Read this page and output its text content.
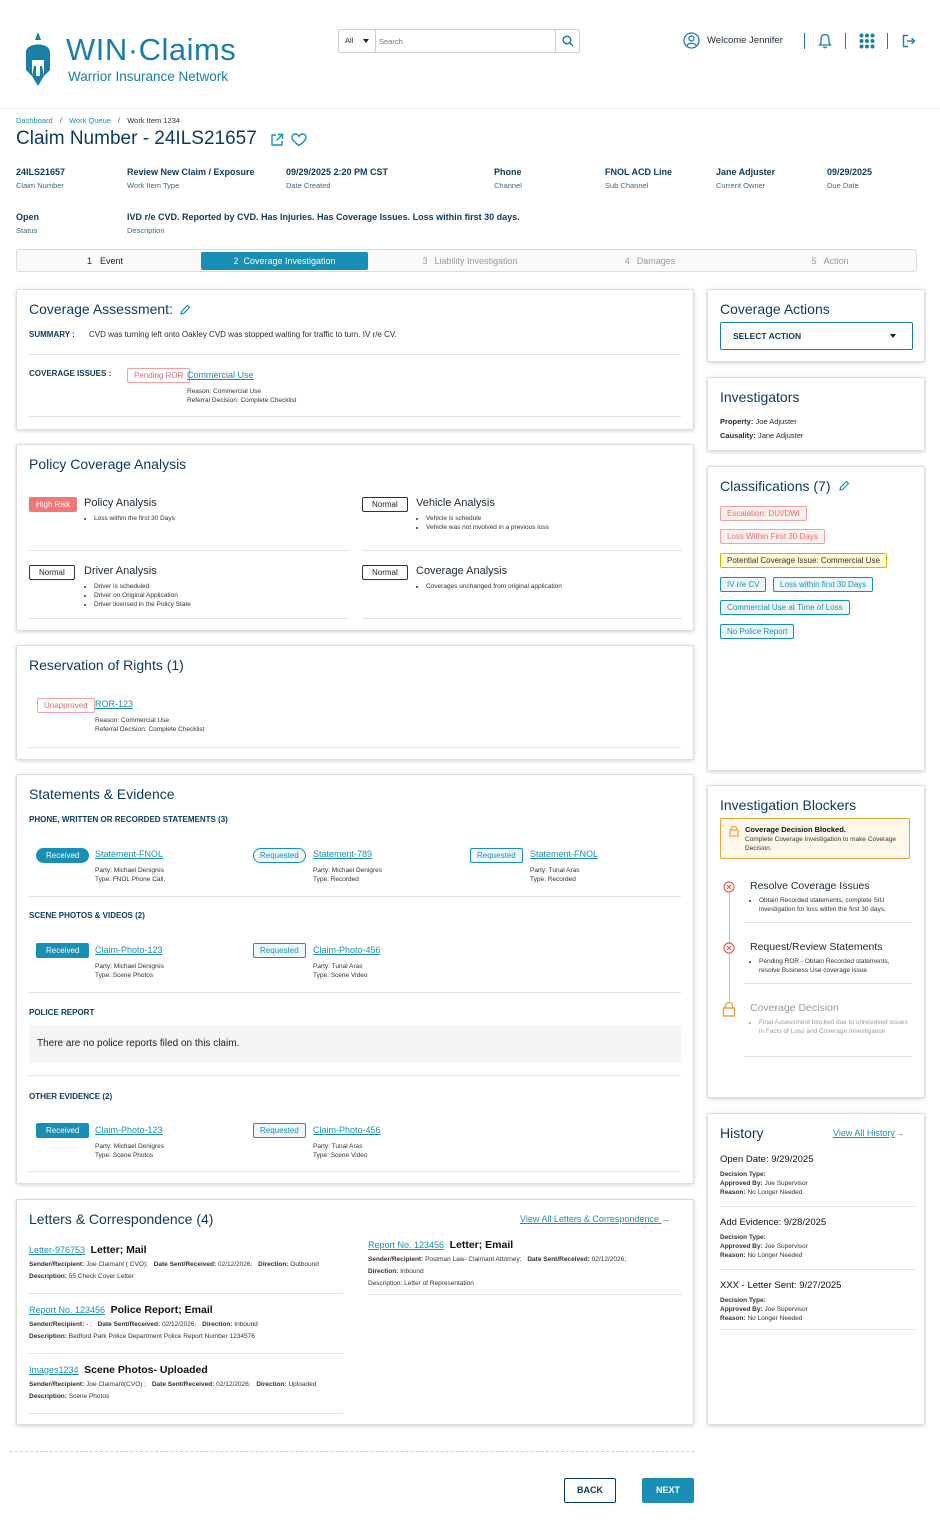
WIN·Claims
Warrior Insurance Network
All
Search	Welcome Jennifer
Dashboard / Work Queue / Work Item 1234
Claim Number - 24ILS21657
24ILS21657
Claim Number
Review New Claim / Exposure
Work Item Type
09/29/2025 2:20 PM CST
Date Created
Phone
Channel
FNOL ACD Line
Sub Channel
Jane Adjuster
Current Owner
09/29/2025
Due Date
Open
Status
IVD r/e CVD. Reported by CVD. Has Injuries. Has Coverage Issues. Loss within first 30 days.
Description
1 Event	2 Coverage Investigation	3 Liability Investigation	4 Damages	5 Action
Coverage Assessment:
SUMMARY : CVD was turning left onto Oakley CVD was stopped waiting for traffic to turn. IV r/e CV.
COVERAGE ISSUES :	Pending ROR Commercial Use
Reason: Commercial Use
Referral Decision: Complete Checklist
Policy Coverage Analysis
High Risk	Policy Analysis
• Loss within the first 30 Days
Normal	Vehicle Analysis
• Vehicle is schedule
• Vehicle was not involved in a previous loss
Normal	Driver Analysis
• Driver is scheduled
• Driver on Original Application
• Driver licensed in the Policy State
Normal	Coverage Analysis
• Coverages unchanged from original application
Reservation of Rights (1)
Unapproved ROR-123
Reason: Commercial Use
Referral Decision: Complete Checklist
Statements & Evidence
PHONE, WRITTEN OR RECORDED STATEMENTS (3)
Received	Statement-FNOL
Party: Michael Denigres
Type: FNOL Phone Call,
Requested	Statement-789
Party: Michael Denigres
Type: Recorded
Requested	Statement-FNOL
Party: Tunal Aras
Type: Recorded
SCENE PHOTOS & VIDEOS (2)
Received	Claim-Photo-123
Party: Michael Denigres
Type: Scene Photos
Requested	Claim-Photo-456
Party: Tunal Aras
Type: Scene Video
POLICE REPORT
There are no police reports filed on this claim.
OTHER EVIDENCE (2)
Received	Claim-Photo-123
Party: Michael Denigres
Type: Scene Photos
Requested	Claim-Photo-456
Party: Tunal Aras
Type: Scene Video
Letters & Correspondence (4)	View All Letters & Correspondence →
Letter-976753 Letter; Mail
Sender/Recipient: Joe Claimant ( CVO); Date Sent/Received: 02/12/2026; Direction: Outbound
Description: 55 Check Cover Letter
Report No. 123456 Letter; Email
Sender/Recipient: Postman Law- Claimant Attorney; Date Sent/Received: 02/12/2026;
Direction: Inbound
Description: Letter of Representation
Report No. 123456 Police Report; Email
Sender/Recipient: - ; Date Sent/Received: 02/12/2026; Direction: Inbound
Description: Bedford Park Police Department Police Report Number 1234576
Images1234 Scene Photos- Uploaded
Sender/Recipient: Joe Claimant(CVO) ; Date Sent/Received: 02/12/2026; Direction: Uploaded
Description: Scene Photos
Coverage Actions
SELECT ACTION
Investigators
Property: Joe Adjuster
Causality: Jane Adjuster
Classifications (7)
Escalation: DUI/DWI
Loss Within First 30 Days
Potential Coverage Issue: Commercial Use
IV r/e CV	Loss within first 30 Days
Commercial Use at Time of Loss
No Police Report
Investigation Blockers
Coverage Decision Blocked.
Complete Coverage Investigation to make Coverage Decision.
Resolve Coverage Issues
• Obtain Recorded statements, complete SIU investigation for loss within the first 30 days,
Request/Review Statements
• Pending ROR - Obtain Recorded statements, resolve Business Use coverage issue
Coverage Decision
• Final Assessment blocked due to unresolved issues in Facts of Loss and Coverage Investigation
History	View All History→
Open Date: 9/29/2025
Decision Type:
Approved By: Joe Supervisor
Reason: No Longer Needed
Add Evidence: 9/28/2025
Decision Type:
Approved By: Joe Supervisor
Reason: No Longer Needed
XXX - Letter Sent: 9/27/2025
Decision Type:
Approved By: Joe Supervisor
Reason: No Longer Needed
BACK	NEXT
